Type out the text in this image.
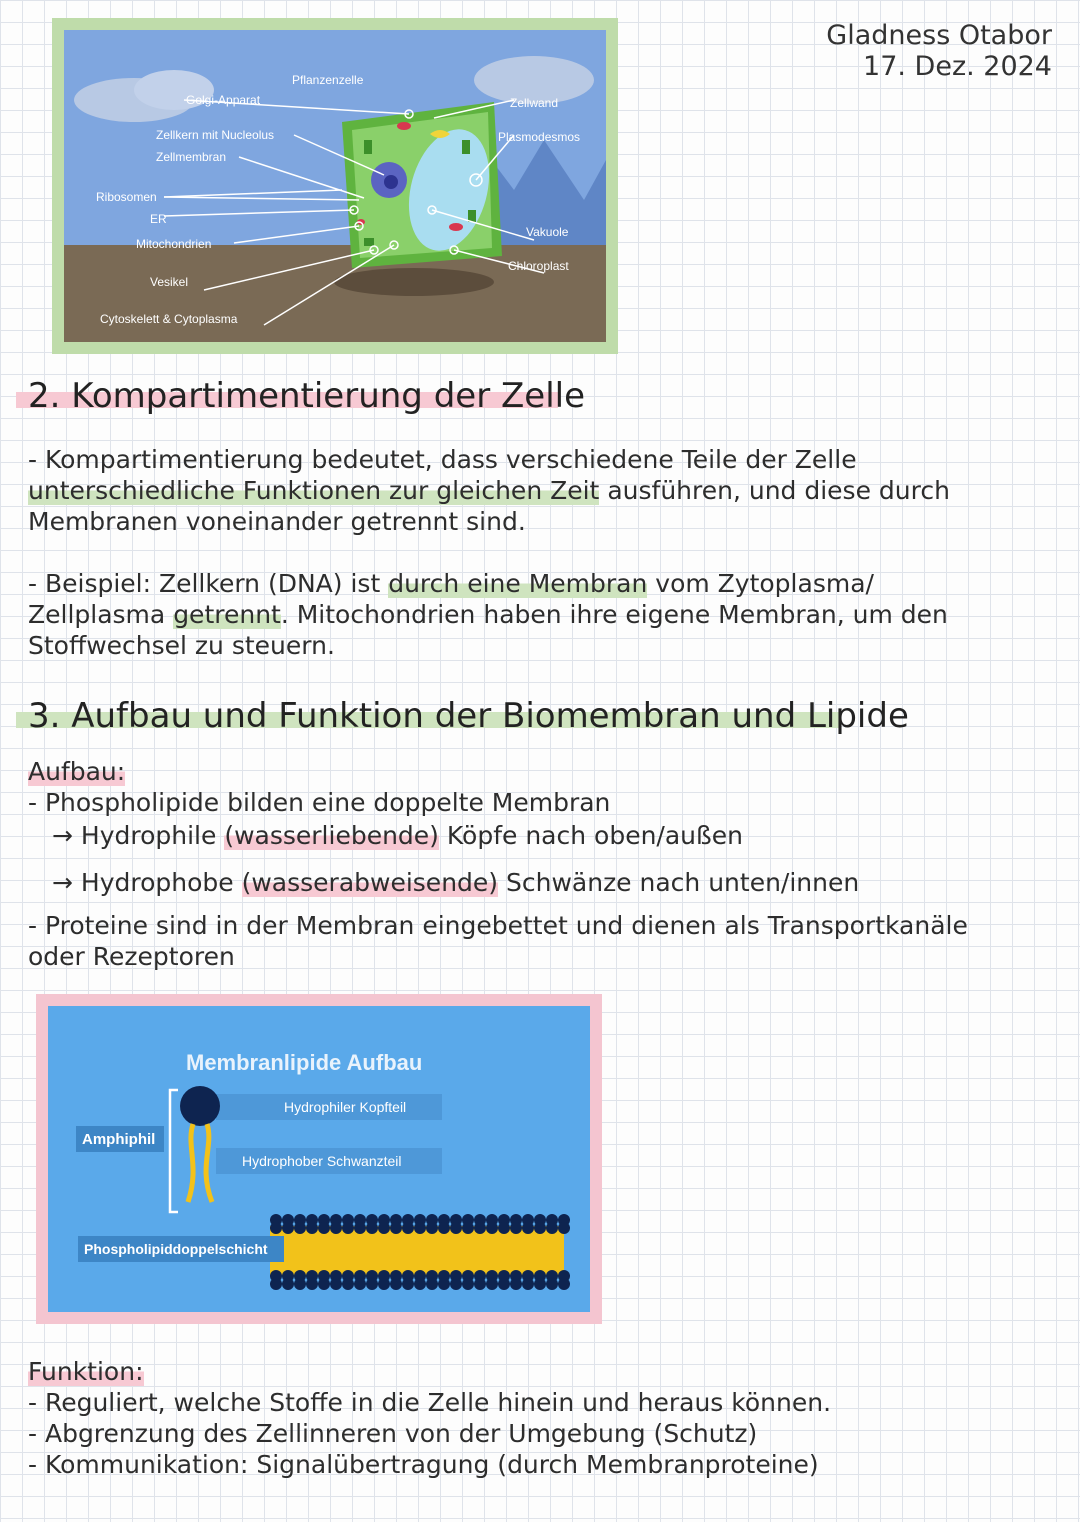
Gladness Otabor
17. Dez. 2024
Pflanzenzelle
Golgi-Apparat
Zellkern mit Nucleolus
Zellmembran
Ribosomen
ER
Mitochondrien
Vesikel
Cytoskelett & Cytoplasma
Zellwand
Plasmodesmos
Vakuole
Chloroplast
2. Kompartimentierung der Zelle
- Kompartimentierung bedeutet, dass verschiedene Teile der Zelle
unterschiedliche Funktionen zur gleichen Zeit ausführen, und diese durch
Membranen voneinander getrennt sind.
- Beispiel: Zellkern (DNA) ist durch eine Membran vom Zytoplasma/
Zellplasma getrennt. Mitochondrien haben ihre eigene Membran, um den
Stoffwechsel zu steuern.
3. Aufbau und Funktion der Biomembran und Lipide
Aufbau:
- Phospholipide bilden eine doppelte Membran
→ Hydrophile (wasserliebende) Köpfe nach oben/außen
→ Hydrophobe (wasserabweisende) Schwänze nach unten/innen
- Proteine sind in der Membran eingebettet und dienen als Transportkanäle
oder Rezeptoren
Membranlipide Aufbau
Hydrophiler Kopfteil
Hydrophober Schwanzteil
Amphiphil
Phospholipiddoppelschicht
Funktion:
- Reguliert, welche Stoffe in die Zelle hinein und heraus können.
- Abgrenzung des Zellinneren von der Umgebung (Schutz)
- Kommunikation: Signalübertragung (durch Membranproteine)
